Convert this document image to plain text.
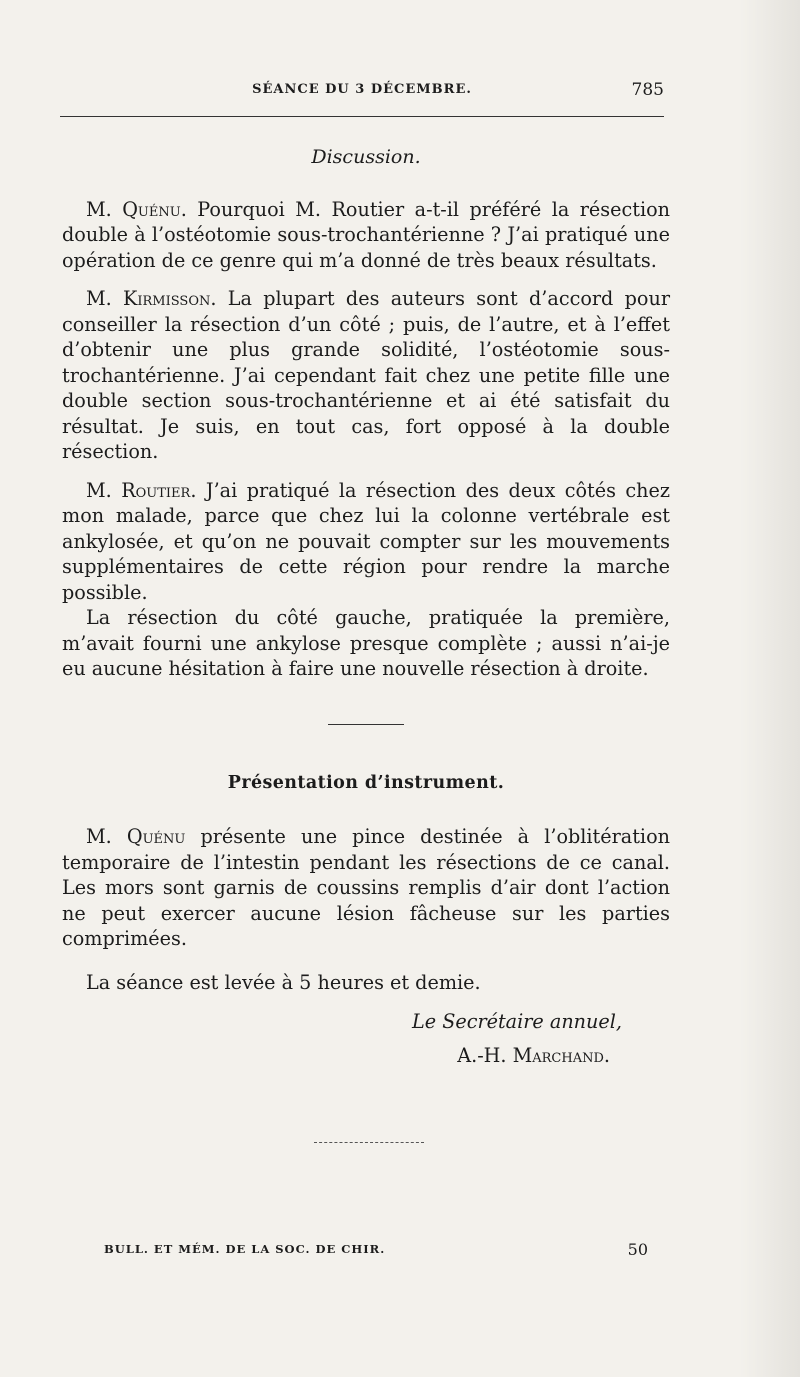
SÉANCE DU 3 DÉCEMBRE.	785
Discussion.

M. Quénu. Pourquoi M. Routier a-t-il préféré la résection double à l’ostéotomie sous-trochantérienne ? J’ai pratiqué une opération de ce genre qui m’a donné de très beaux résultats.

M. Kirmisson. La plupart des auteurs sont d’accord pour conseiller la résection d’un côté ; puis, de l’autre, et à l’effet d’obtenir une plus grande solidité, l’ostéotomie sous-trochantérienne. J’ai cependant fait chez une petite fille une double section sous-trochantérienne et ai été satisfait du résultat. Je suis, en tout cas, fort opposé à la double résection.

M. Routier. J’ai pratiqué la résection des deux côtés chez mon malade, parce que chez lui la colonne vertébrale est ankylosée, et qu’on ne pouvait compter sur les mouvements supplémentaires de cette région pour rendre la marche possible.

La résection du côté gauche, pratiquée la première, m’avait fourni une ankylose presque complète ; aussi n’ai-je eu aucune hésitation à faire une nouvelle résection à droite.

Présentation d’instrument.

M. Quénu présente une pince destinée à l’oblitération temporaire de l’intestin pendant les résections de ce canal. Les mors sont garnis de coussins remplis d’air dont l’action ne peut exercer aucune lésion fâcheuse sur les parties comprimées.

La séance est levée à 5 heures et demie.

Le Secrétaire annuel,

A.-H. Marchand.

BULL. ET MÉM. DE LA SOC. DE CHIR.	50
